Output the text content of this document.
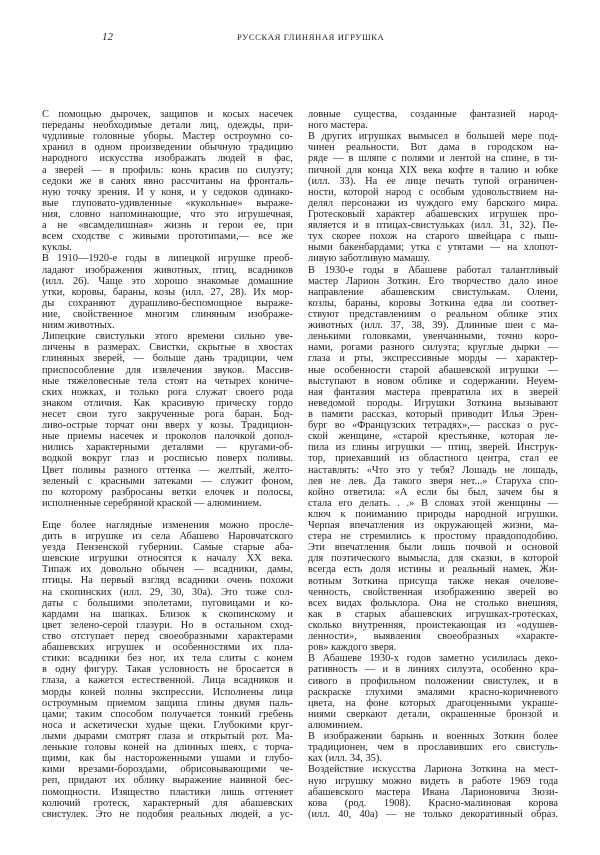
12	РУССКАЯ ГЛИНЯНАЯ ИГРУШКА
С помощью дырочек, защипов и косых насечек
переданы необходимые детали лиц, одежды, при-
чудливые головные уборы. Мастер остроумно со-
хранил в одном произведении обычную традицию
народного искусства изображать людей в фас,
а зверей — в профиль: конь красив по силуэту;
седоки же в санях явно рассчитаны на фронталь-
ную точку зрения. И у коня, и у седоков одинако-
вые глуповато-удивленные «кукольные» выраже-
ния, словно напоминающие, что это игрушечная,
а не «всамделишная» жизнь и герои ее, при
всем сходстве с живыми прототипами,— все же
куклы.
В 1910—1920-е годы в липецкой игрушке преоб-
ладают изображения животных, птиц, всадников
(илл. 26). Чаще это хорошо знакомые домашние
утки, коровы, бараны, козы (илл. 27, 28). Их мор-
ды сохраняют дурашливо-беспомощное выраже-
ние, свойственное многим глиняным изображе-
ниям животных.
Липецкие свистульки этого времени сильно уве-
личены в размерах. Свистки, скрытые в хвостах
глиняных зверей, — больше дань традиции, чем
приспособление для извлечения звуков. Массив-
ные тяжеловесные тела стоят на четырех кониче-
ских ножках, и только рога служат своего рода
знаком отличия. Как красивую прическу гордо
несет свои туго закрученные рога баран. Бод-
ливо-острые торчат они вверх у козы. Традицион-
ные приемы насечек и проколов палочкой допол-
нились характерными деталями — кругами-об-
водкой вокруг глаз и росписью поверх поливы.
Цвет поливы разного оттенка — желтый, желто-
зеленый с красными затеками — служит фоном,
по которому разбросаны ветки елочек и полосы,
исполненные серебряной краской — алюминием.
Еще более наглядные изменения можно просле-
дить в игрушке из села Абашево Наровчатского
уезда Пензенской губернии. Самые старые аба-
шевские игрушки относятся к началу XX века.
Типаж их довольно обычен — всадники, дамы,
птицы. На первый взгляд всадники очень похожи
на скопинских (илл. 29, 30, 30а). Это тоже сол-
даты с большими эполетами, пуговицами и ко-
кардами на шапках. Близок к скопинскому и
цвет зелено-серой глазури. Но в остальном сход-
ство отступает перед своеобразными характерами
абашевских игрушек и особенностями их пла-
стики: всадники без ног, их тела слиты с конем
в одну фигуру. Такая условность не бросается в
глаза, а кажется естественной. Лица всадников и
морды коней полны экспрессии. Исполнены лица
остроумным приемом защипа глины двумя паль-
цами; таким способом получается тонкий гребень
носа и аскетически худые щеки. Глубокими круг-
лыми дырами смотрят глаза и открытый рот. Ма-
ленькие головы коней на длинных шеях, с торча-
щими, как бы настороженными ушами и глубо-
кими врезами-бороздами, обрисовывающими че-
реп, придают их облику выражение наивной бес-
помощности. Изящество пластики лишь оттеняет
колючий гротеск, характерный для абашевских
свистулек. Это не подобия реальных людей, а ус-
ловные существа, созданные фантазией народ-
ного мастера.
В других игрушках вымысел в большей мере под-
чинен реальности. Вот дама в городском на-
ряде — в шляпе с полями и лентой на спине, в ти-
пичной для конца XIX века кофте в талию и юбке
(илл. 33). На ее лице печать тупой ограничен-
ности, которой народ с особым удовольствием на-
делял персонажи из чуждого ему барского мира.
Гротесковый характер абашевских игрушек про-
является и в птицах-свистульках (илл. 31, 32). Пе-
тух скорее похож на старого швейцара с пыш-
ными бакенбардами; утка с утятами — на хлопот-
ливую заботливую мамашу.
В 1930-е годы в Абашеве работал талантливый
мастер Ларион Зоткин. Его творчество дало иное
направление абашевским свистулькам. Олени,
козлы, бараны, коровы Зоткина едва ли соответ-
ствуют представлениям о реальном облике этих
животных (илл. 37, 38, 39). Длинные шеи с ма-
ленькими головками, увенчанными, точно коро-
нами, рогами разного силуэта; круглые дырки —
глаза и рты, экспрессивные морды — характер-
ные особенности старой абашевской игрушки —
выступают в новом облике и содержании. Неуем-
ная фантазия мастера превратила их в зверей
неведомой породы. Игрушки Зоткина вызывают
в памяти рассказ, который приводит Илья Эрен-
бург во «Французских тетрадях»,— рассказ о рус-
ской женщине, «старой крестьянке, которая ле-
пила из глины игрушки — птиц, зверей. Инструк-
тор, приехавший из областного центра, стал ее
наставлять: «Что это у тебя? Лошадь не лошадь,
лев не лев. Да такого зверя нет...» Старуха спо-
койно ответила: «А если бы был, зачем бы я
стала его делать. . .» В словах этой женщины —
ключ к пониманию природы народной игрушки.
Черпая впечатления из окружающей жизни, ма-
стера не стремились к простому правдоподобию.
Эти впечатления были лишь почвой и основой
для поэтического вымысла, для сказки, в которой
всегда есть доля истины и реальный намек. Жи-
вотным Зоткина присуща также некая очелове-
ченность, свойственная изображению зверей во
всех видах фольклора. Она не столько внешняя,
как в старых абашевских игрушках-гротесках,
сколько внутренняя, проистекающая из «одушев-
ленности», выявления своеобразных «характе-
ров» каждого зверя.
В Абашеве 1930-х годов заметно усилилась деко-
ративность — и в линиях силуэта, особенно кра-
сивого в профильном положении свистулек, и в
раскраске глухими эмалями красно-коричневого
цвета, на фоне которых драгоценными украше-
ниями сверкают детали, окрашенные бронзой и
алюминием.
В изображении барынь и военных Зоткин более
традиционен, чем в прославивших его свистуль-
ках (илл. 34, 35).
Воздействие искусства Лариона Зоткина на мест-
ную игрушку можно видеть в работе 1969 года
абашевского мастера Ивана Ларионовича Зюзи-
кова (род. 1908). Красно-малиновая корова
(илл. 40, 40а) — не только декоративный образ.
